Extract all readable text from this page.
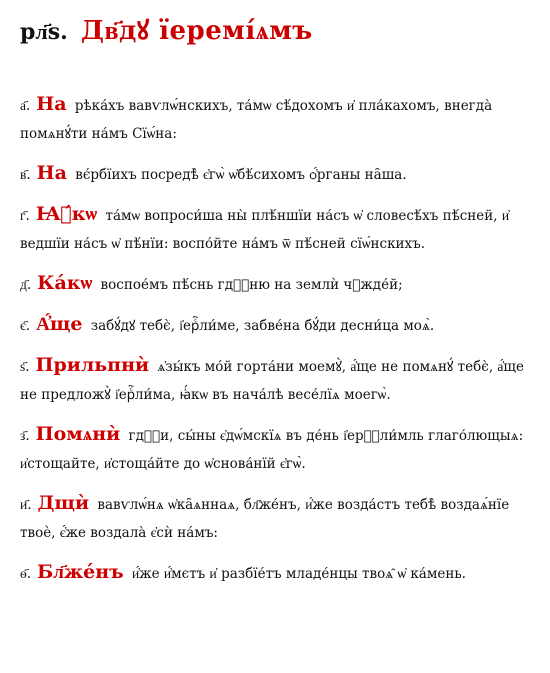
рл҃ѕ. Дв҃дꙋ їеремі́ѧмъ

а҃. На рѣка́хъ вавѵлѡ́нскихъ, та́мѡ сѣ́дохомъ и҆ пла́кахомъ, внегда̀ помѧнꙋ́ти на́мъ Сїѡ́на:

в҃. На вє́рбїихъ посредѣ̀ є҆гѡ̀ ѡ҆бѣ́сихомъ ѻ҆́рганы на̑ша.

г҃. Ꙗ҆́кѡ та́мѡ вопроси́ша ны̀ плѣ́ншїи на́съ ѡ҆ словесѣ́хъ пѣ́сней, и҆ ведшїи на́съ ѡ҆ пѣ́нїи: воспо́йте на́мъ ѿ пѣ́сней сїѡ́нскихъ.

д҃. Ка́кѡ воспое́мъ пѣ́снь гдⷭ҇ню на землѝ чꙋжде́й;

є҃. А҆́ще забꙋ́дꙋ тебє̀, і҆ерⷭ҇ли́ме, забве́на бꙋ́ди десни́ца моѧ̀.

ѕ҃. Прильпнѝ ѧ҆зы́къ мо́й горта́ни моемꙋ̀, а҆́ще не помѧнꙋ́ тебє̀, а҆́ще не предложꙋ̀ і҆ерⷭ҇ли́ма, ꙗ҆́кѡ въ нача́лѣ весе́лїѧ моегѡ̀.

з҃. Помѧнѝ гдⷭ҇и, сы́ны є҆дѡ́мскїѧ въ де́нь і҆ерⷭ҇ли́мль глаго́лющыѧ: и҆стощайте, и҆стоща́йте до ѡ҆снова́нїй є҆гѡ̀.

и҃. Дщѝ вавѵлѡ́нѧ ѡ҆ка̑ѧннаѧ, бл҃же́нъ, и҆́же возда́стъ тебѣ̀ воздаѧ́нїе твоѐ, є҆́же воздала̀ є҆сѝ на́мъ:

ѳ҃. Бл҃же́нъ и҆́же и҆́мєтъ и҆ разбїе́тъ младе́нцы твоѧ̑ ѡ҆ ка́мень.
